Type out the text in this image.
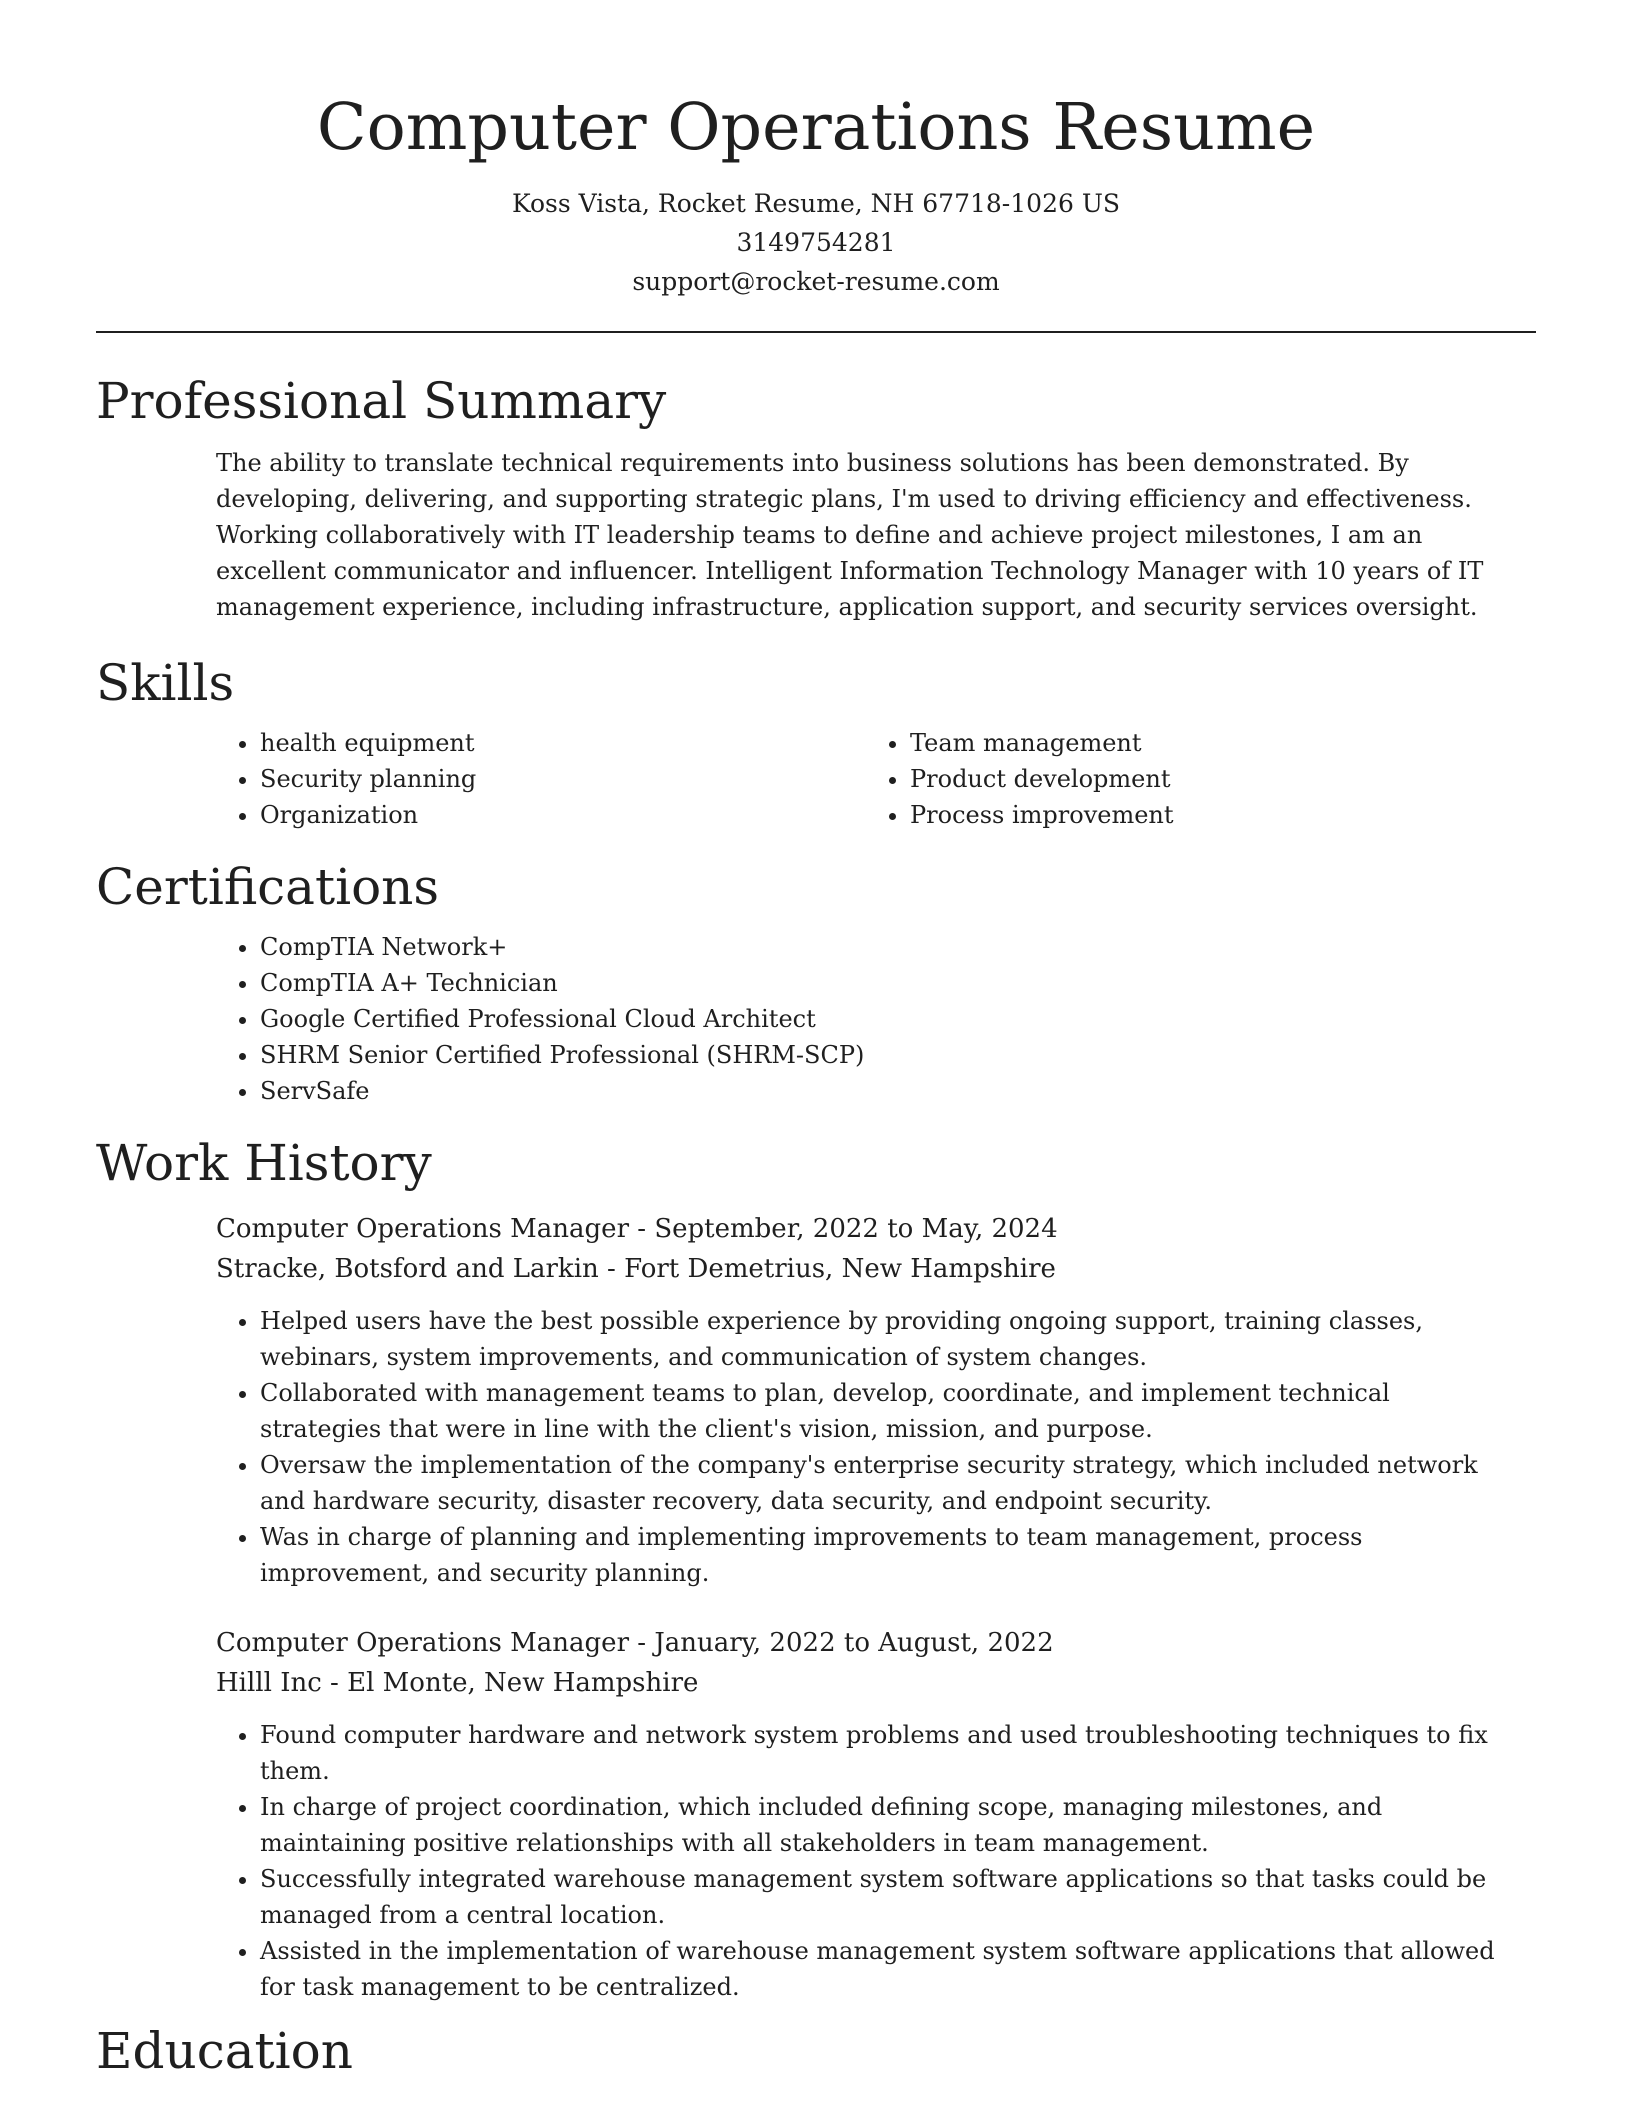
Computer Operations Resume
Koss Vista, Rocket Resume, NH 67718-1026 US
3149754281
support@rocket-resume.com
Professional Summary

The ability to translate technical requirements into business solutions has been demonstrated. By developing, delivering, and supporting strategic plans, I'm used to driving efficiency and effectiveness. Working collaboratively with IT leadership teams to define and achieve project milestones, I am an excellent communicator and influencer. Intelligent Information Technology Manager with 10 years of IT management experience, including infrastructure, application support, and security services oversight.

Skills
• health equipment
• Security planning
• Organization
• Team management
• Product development
• Process improvement
Certifications
• CompTIA Network+
• CompTIA A+ Technician
• Google Certified Professional Cloud Architect
• SHRM Senior Certified Professional (SHRM-SCP)
• ServSafe
Work History
Computer Operations Manager - September, 2022 to May, 2024
Stracke, Botsford and Larkin - Fort Demetrius, New Hampshire
• Helped users have the best possible experience by providing ongoing support, training classes, webinars, system improvements, and communication of system changes.
• Collaborated with management teams to plan, develop, coordinate, and implement technical strategies that were in line with the client's vision, mission, and purpose.
• Oversaw the implementation of the company's enterprise security strategy, which included network and hardware security, disaster recovery, data security, and endpoint security.
• Was in charge of planning and implementing improvements to team management, process improvement, and security planning.
Computer Operations Manager - January, 2022 to August, 2022
Hilll Inc - El Monte, New Hampshire
• Found computer hardware and network system problems and used troubleshooting techniques to fix them.
• In charge of project coordination, which included defining scope, managing milestones, and maintaining positive relationships with all stakeholders in team management.
• Successfully integrated warehouse management system software applications so that tasks could be managed from a central location.
• Assisted in the implementation of warehouse management system software applications that allowed for task management to be centralized.
Education
